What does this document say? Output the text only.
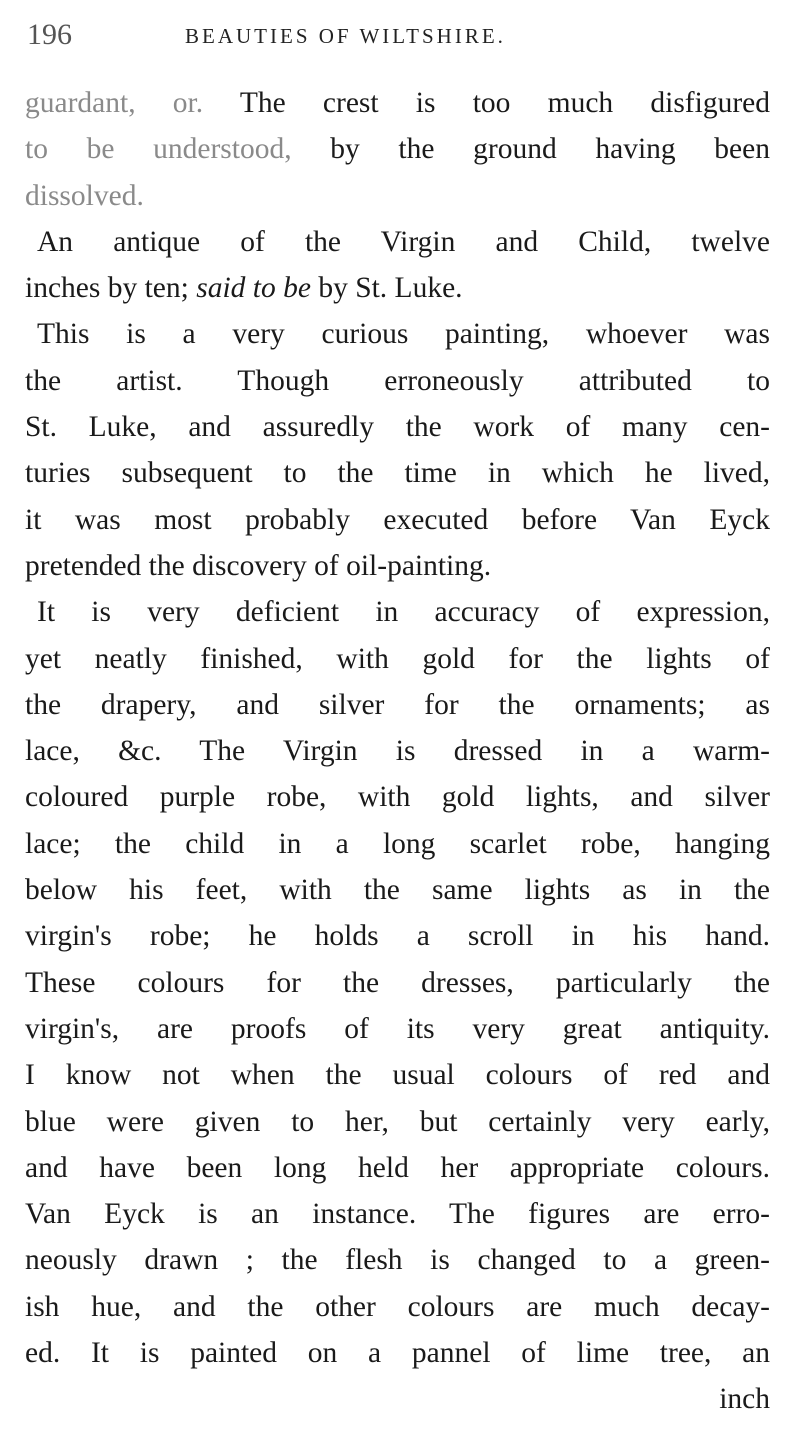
196	BEAUTIES OF WILTSHIRE.
guardant, or. The crest is too much disfigured
to be understood, by the ground having been
dissolved.
An antique of the Virgin and Child, twelve
inches by ten; said to be by St. Luke.
This is a very curious painting, whoever was
the artist. Though erroneously attributed to
St. Luke, and assuredly the work of many cen-
turies subsequent to the time in which he lived,
it was most probably executed before Van Eyck
pretended the discovery of oil-painting.
It is very deficient in accuracy of expression,
yet neatly finished, with gold for the lights of
the drapery, and silver for the ornaments; as
lace, &c. The Virgin is dressed in a warm-
coloured purple robe, with gold lights, and silver
lace; the child in a long scarlet robe, hanging
below his feet, with the same lights as in the
virgin's robe; he holds a scroll in his hand.
These colours for the dresses, particularly the
virgin's, are proofs of its very great antiquity.
I know not when the usual colours of red and
blue were given to her, but certainly very early,
and have been long held her appropriate colours.
Van Eyck is an instance. The figures are erro-
neously drawn ; the flesh is changed to a green-
ish hue, and the other colours are much decay-
ed. It is painted on a pannel of lime tree, an
inch
